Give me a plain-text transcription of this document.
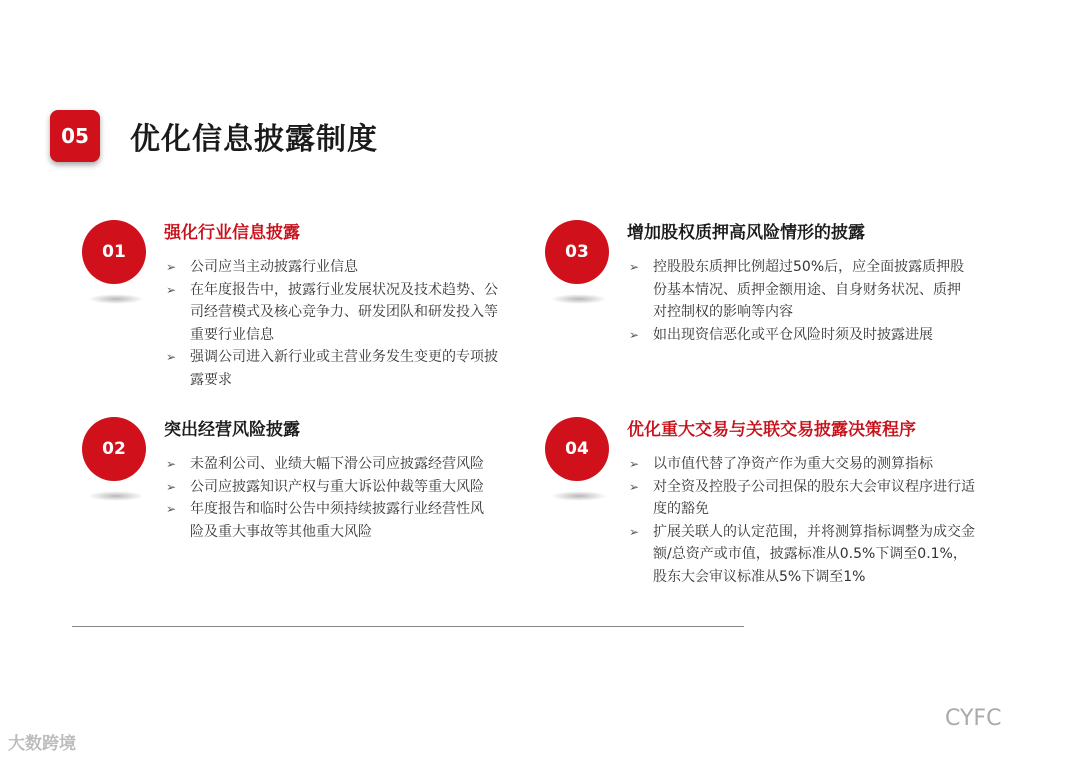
05	优化信息披露制度
01
强化行业信息披露
➢ 公司应当主动披露行业信息
➢ 在年度报告中，披露行业发展状况及技术趋势、公司经营模式及核心竞争力、研发团队和研发投入等重要行业信息
➢ 强调公司进入新行业或主营业务发生变更的专项披露要求
02
突出经营风险披露
➢ 未盈利公司、业绩大幅下滑公司应披露经营风险
➢ 公司应披露知识产权与重大诉讼仲裁等重大风险
➢ 年度报告和临时公告中须持续披露行业经营性风险及重大事故等其他重大风险
03
增加股权质押高风险情形的披露
➢ 控股股东质押比例超过50%后，应全面披露质押股份基本情况、质押金额用途、自身财务状况、质押对控制权的影响等内容
➢ 如出现资信恶化或平仓风险时须及时披露进展
04
优化重大交易与关联交易披露决策程序
➢ 以市值代替了净资产作为重大交易的测算指标
➢ 对全资及控股子公司担保的股东大会审议程序进行适度的豁免
➢ 扩展关联人的认定范围，并将测算指标调整为成交金额/总资产或市值，披露标准从0.5%下调至0.1%，股东大会审议标准从5%下调至1%
大数跨境
CYFC
